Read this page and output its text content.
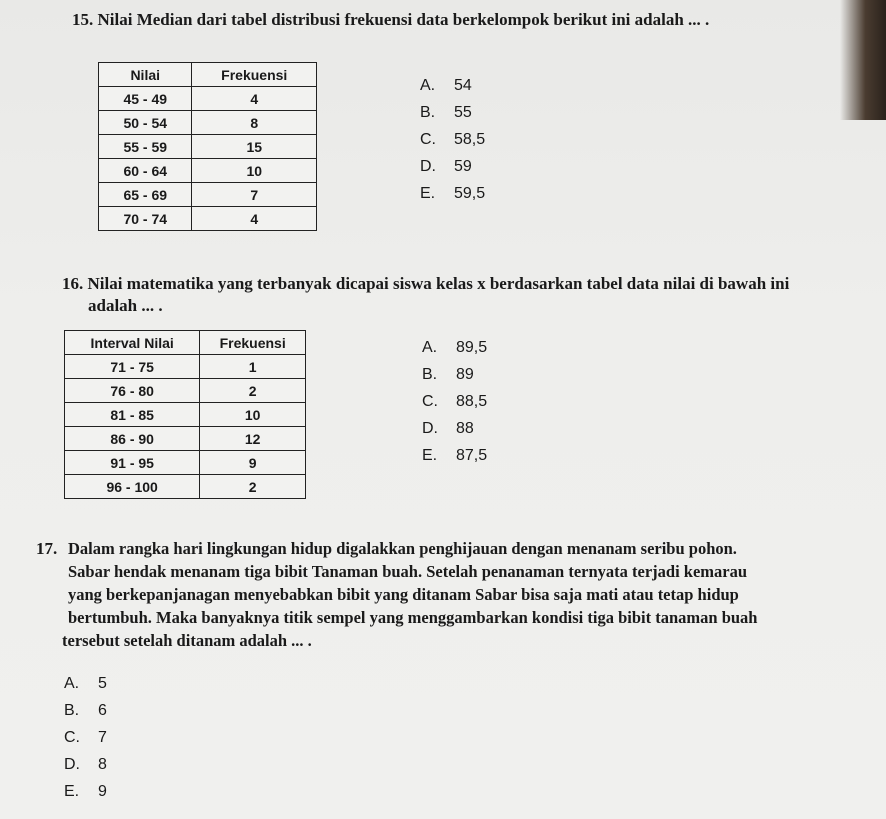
15. Nilai Median dari tabel distribusi frekuensi data berkelompok berikut ini adalah ... .
Nilai	Frekuensi
45 - 49	4
50 - 54	8
55 - 59	15
60 - 64	10
65 - 69	7
70 - 74	4
A. 54
B. 55
C. 58,5
D. 59
E. 59,5
16. Nilai matematika yang terbanyak dicapai siswa kelas x berdasarkan tabel data nilai di bawah ini
adalah ... .
Interval Nilai	Frekuensi
71 - 75	1
76 - 80	2
81 - 85	10
86 - 90	12
91 - 95	9
96 - 100	2
A. 89,5
B. 89
C. 88,5
D. 88
E. 87,5
17. Dalam rangka hari lingkungan hidup digalakkan penghijauan dengan menanam seribu pohon.
Sabar hendak menanam tiga bibit Tanaman buah. Setelah penanaman ternyata terjadi kemarau
yang berkepanjanagan menyebabkan bibit yang ditanam Sabar bisa saja mati atau tetap hidup
bertumbuh. Maka banyaknya titik sempel yang menggambarkan kondisi tiga bibit tanaman buah
tersebut setelah ditanam adalah ... .
A. 5
B. 6
C. 7
D. 8
E. 9
